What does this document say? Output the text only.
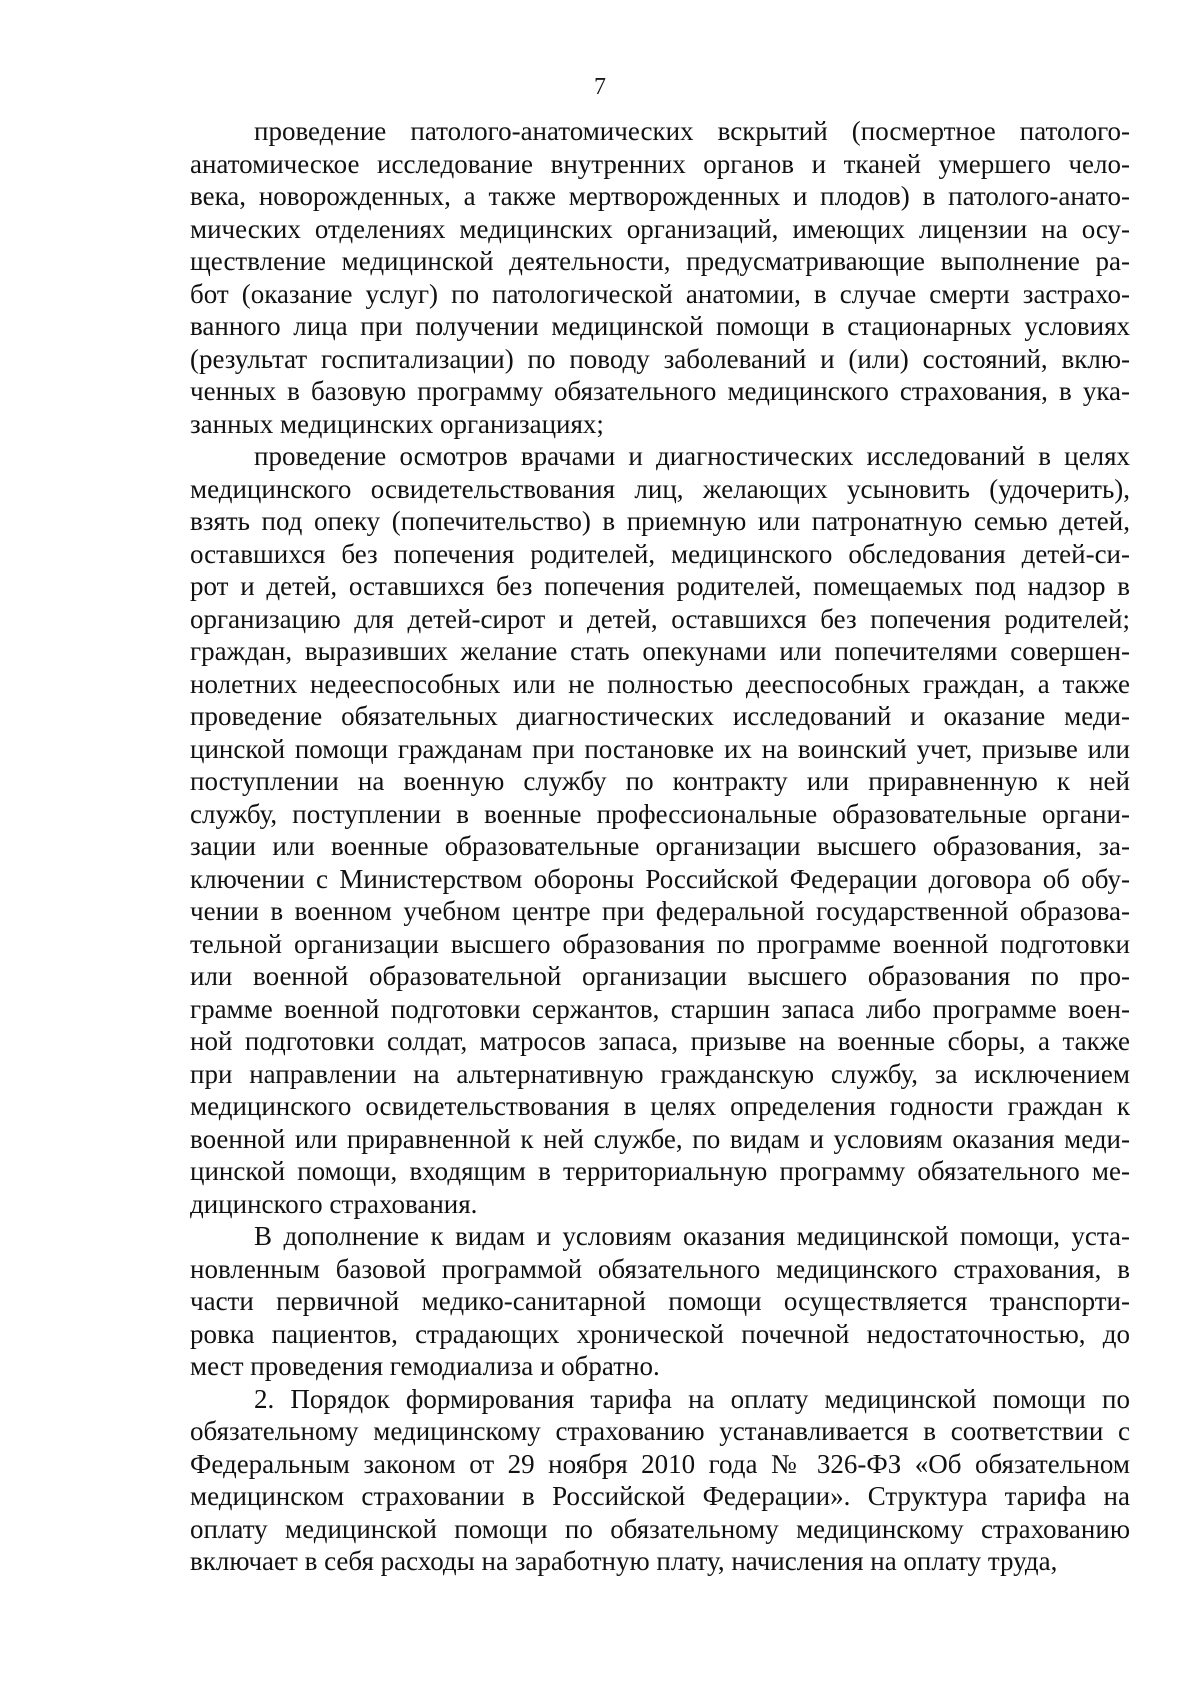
7
проведение патолого-анатомических вскрытий (посмертное патолого-
анатомическое исследование внутренних органов и тканей умершего чело-
века, новорожденных, а также мертворожденных и плодов) в патолого-анато-
мических отделениях медицинских организаций, имеющих лицензии на осу-
ществление медицинской деятельности, предусматривающие выполнение ра-
бот (оказание услуг) по патологической анатомии, в случае смерти застрахо-
ванного лица при получении медицинской помощи в стационарных условиях
(результат госпитализации) по поводу заболеваний и (или) состояний, вклю-
ченных в базовую программу обязательного медицинского страхования, в ука-
занных медицинских организациях;
проведение осмотров врачами и диагностических исследований в целях
медицинского освидетельствования лиц, желающих усыновить (удочерить),
взять под опеку (попечительство) в приемную или патронатную семью детей,
оставшихся без попечения родителей, медицинского обследования детей-си-
рот и детей, оставшихся без попечения родителей, помещаемых под надзор в
организацию для детей-сирот и детей, оставшихся без попечения родителей;
граждан, выразивших желание стать опекунами или попечителями совершен-
нолетних недееспособных или не полностью дееспособных граждан, а также
проведение обязательных диагностических исследований и оказание меди-
цинской помощи гражданам при постановке их на воинский учет, призыве или
поступлении на военную службу по контракту или приравненную к ней
службу, поступлении в военные профессиональные образовательные органи-
зации или военные образовательные организации высшего образования, за-
ключении с Министерством обороны Российской Федерации договора об обу-
чении в военном учебном центре при федеральной государственной образова-
тельной организации высшего образования по программе военной подготовки
или военной образовательной организации высшего образования по про-
грамме военной подготовки сержантов, старшин запаса либо программе воен-
ной подготовки солдат, матросов запаса, призыве на военные сборы, а также
при направлении на альтернативную гражданскую службу, за исключением
медицинского освидетельствования в целях определения годности граждан к
военной или приравненной к ней службе, по видам и условиям оказания меди-
цинской помощи, входящим в территориальную программу обязательного ме-
дицинского страхования.
В дополнение к видам и условиям оказания медицинской помощи, уста-
новленным базовой программой обязательного медицинского страхования, в
части первичной медико-санитарной помощи осуществляется транспорти-
ровка пациентов, страдающих хронической почечной недостаточностью, до
мест проведения гемодиализа и обратно.
2. Порядок формирования тарифа на оплату медицинской помощи по
обязательному медицинскому страхованию устанавливается в соответствии с
Федеральным законом от 29 ноября 2010 года № 326-ФЗ «Об обязательном
медицинском страховании в Российской Федерации». Структура тарифа на
оплату медицинской помощи по обязательному медицинскому страхованию
включает в себя расходы на заработную плату, начисления на оплату труда,
